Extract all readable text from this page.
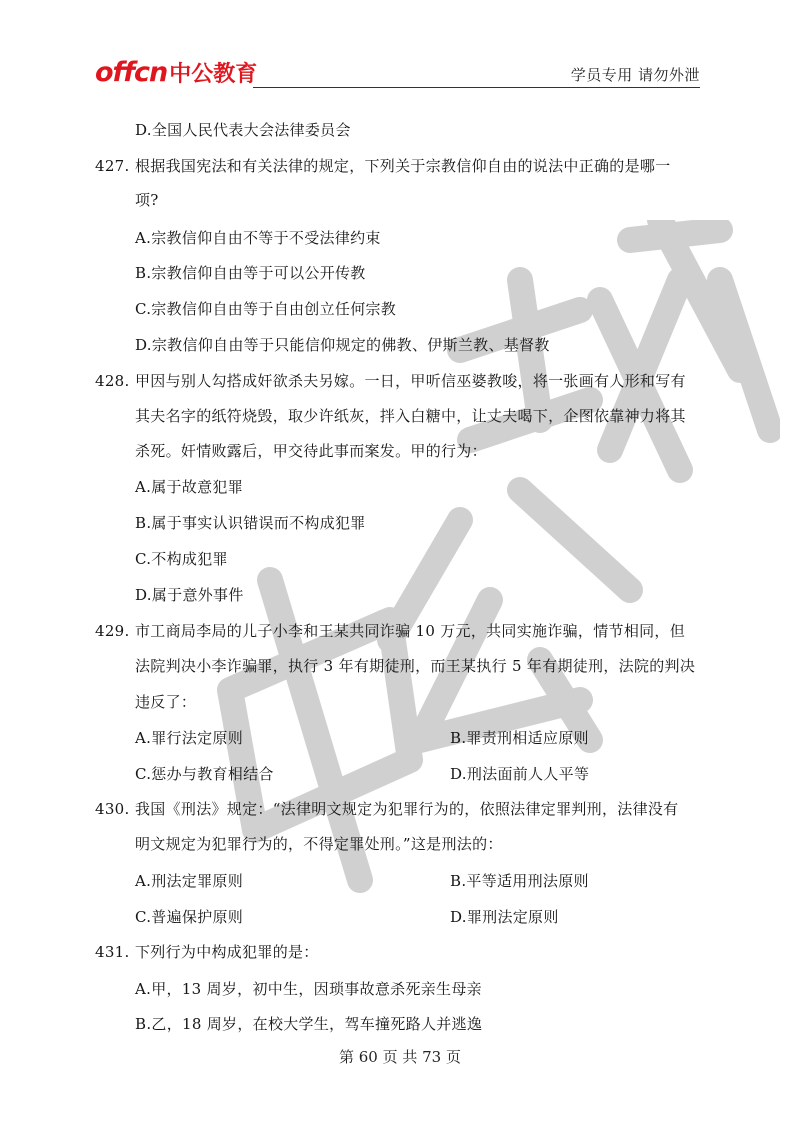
offcn 中公教育	学员专用 请勿外泄
D.全国人民代表大会法律委员会
427. 根据我国宪法和有关法律的规定，下列关于宗教信仰自由的说法中正确的是哪一
项?
A.宗教信仰自由不等于不受法律约束
B.宗教信仰自由等于可以公开传教
C.宗教信仰自由等于自由创立任何宗教
D.宗教信仰自由等于只能信仰规定的佛教、伊斯兰教、基督教
428. 甲因与别人勾搭成奸欲杀夫另嫁。一日，甲听信巫婆教唆，将一张画有人形和写有
其夫名字的纸符烧毁，取少许纸灰，拌入白糖中，让丈夫喝下，企图依靠神力将其
杀死。奸情败露后，甲交待此事而案发。甲的行为：
A.属于故意犯罪
B.属于事实认识错误而不构成犯罪
C.不构成犯罪
D.属于意外事件
429. 市工商局李局的儿子小李和王某共同诈骗 10 万元，共同实施诈骗，情节相同，但
法院判决小李诈骗罪，执行 3 年有期徒刑，而王某执行 5 年有期徒刑，法院的判决
违反了：
A.罪行法定原则	B.罪责刑相适应原则
C.惩办与教育相结合	D.刑法面前人人平等
430. 我国《刑法》规定：“法律明文规定为犯罪行为的，依照法律定罪判刑，法律没有
明文规定为犯罪行为的，不得定罪处刑。”这是刑法的：
A.刑法定罪原则	B.平等适用刑法原则
C.普遍保护原则	D.罪刑法定原则
431. 下列行为中构成犯罪的是：
A.甲，13 周岁，初中生，因琐事故意杀死亲生母亲
B.乙，18 周岁，在校大学生，驾车撞死路人并逃逸
第 60 页 共 73 页
